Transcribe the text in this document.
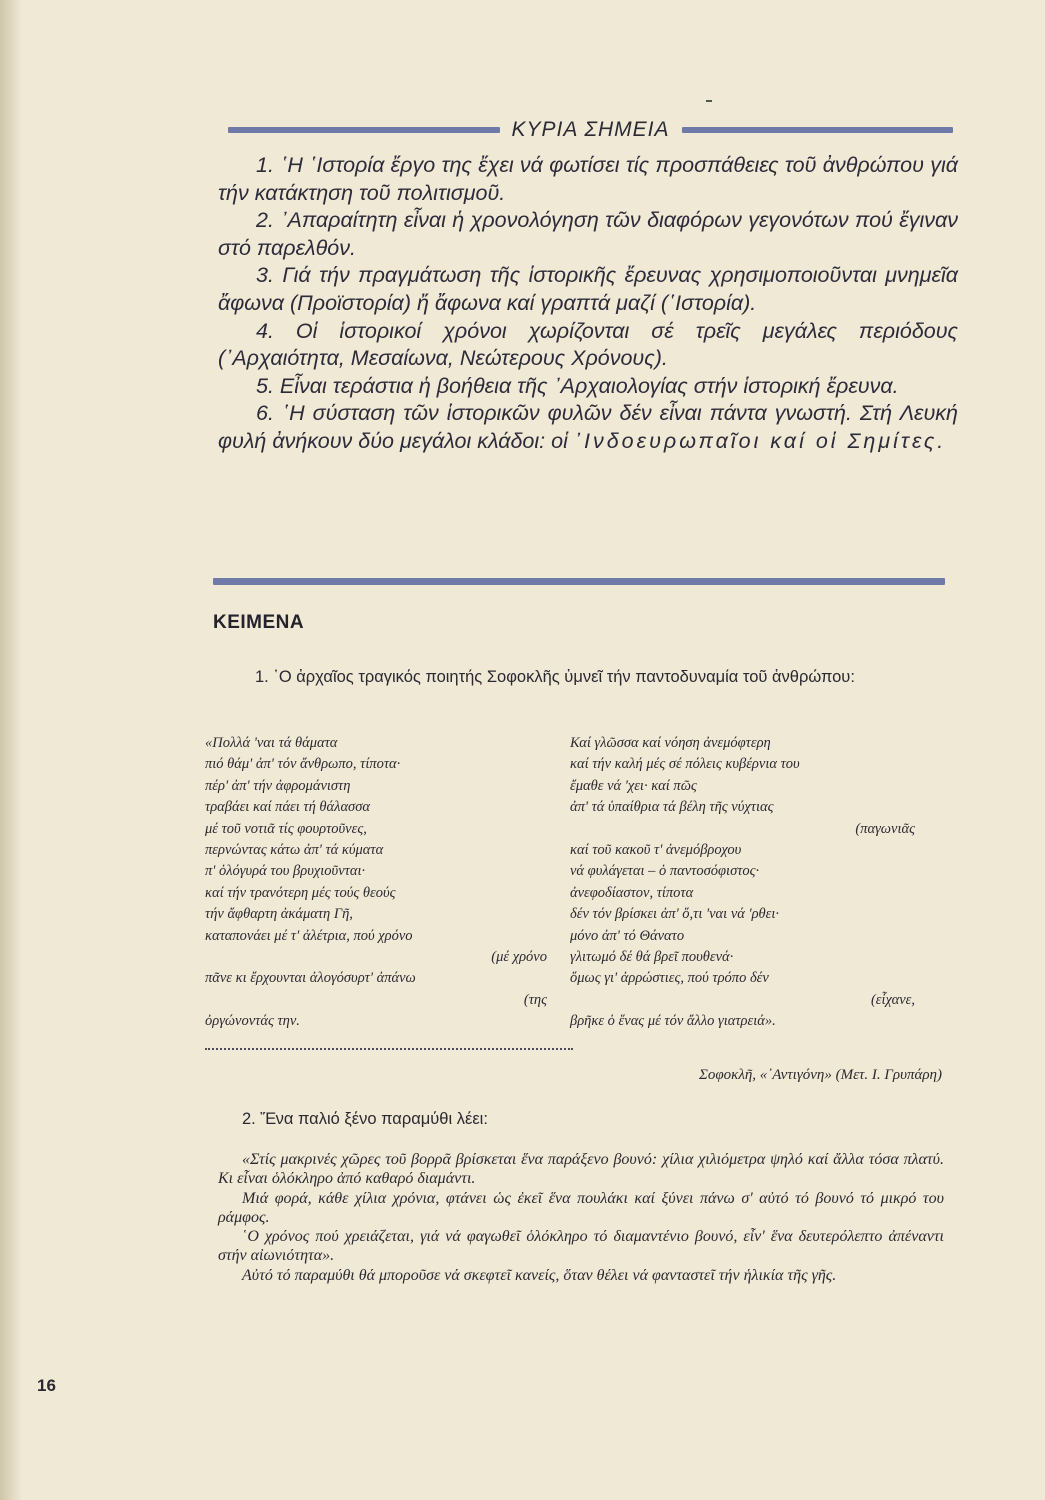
ΚΥΡΙΑ ΣΗΜΕΙΑ

1. ῾Η ῾Ιστορία ἔργο της ἔχει νά φωτίσει τίς προσπάθειες τοῦ ἀνθρώπου γιά τήν κατάκτηση τοῦ πολιτισμοῦ.

2. ᾿Απαραίτητη εἶναι ἡ χρονολόγηση τῶν διαφόρων γεγονότων πού ἔγιναν στό παρελθόν.

3. Γιά τήν πραγμάτωση τῆς ἱστορικῆς ἔρευνας χρησιμοποιοῦνται μνημεῖα ἄφωνα (Προϊστορία) ἤ ἄφωνα καί γραπτά μαζί (῾Ιστορία).

4. Οἱ ἱστορικοί χρόνοι χωρίζονται σέ τρεῖς μεγάλες περιόδους (᾿Αρχαιότητα, Μεσαίωνα, Νεώτερους Χρόνους).

5. Εἶναι τεράστια ἡ βοήθεια τῆς ᾿Αρχαιολογίας στήν ἱστορική ἔρευνα.

6. ῾Η σύσταση τῶν ἱστορικῶν φυλῶν δέν εἶναι πάντα γνωστή. Στή Λευκή φυλή ἀνήκουν δύο μεγάλοι κλάδοι: οἱ ᾿Ινδοευρωπαῖοι καί οἱ Σημίτες.

ΚΕΙΜΕΝΑ
1. ῾Ο ἀρχαῖος τραγικός ποιητής Σοφοκλῆς ὑμνεῖ τήν παντοδυναμία τοῦ ἀνθρώπου:
«Πολλά 'ναι τά θάματα
πιό θάμ' ἀπ' τόν ἄνθρωπο, τίποτα·
πέρ' ἀπ' τήν ἀφρομάνιστη
τραβάει καί πάει τή θάλασσα
μέ τοῦ νοτιᾶ τίς φουρτοῦνες,
περνώντας κάτω ἀπ' τά κύματα
π' ὁλόγυρά του βρυχιοῦνται·
καί τήν τρανότερη μές τούς θεούς
τήν ἄφθαρτη ἀκάματη Γῆ,
καταπονάει μέ τ' ἀλέτρια, πού χρόνο
(μέ χρόνο
πᾶνε κι ἔρχουνται ἀλογόσυρτ' ἀπάνω
(της
ὀργώνοντάς την.
Καί γλῶσσα καί νόηση ἀνεμόφτερη
καί τήν καλή μές σέ πόλεις κυβέρνια του
ἔμαθε νά 'χει· καί πῶς
ἀπ' τά ὑπαίθρια τά βέλη τῆς νύχτιας
(παγωνιᾶς
καί τοῦ κακοῦ τ' ἀνεμόβροχου
νά φυλάγεται – ὁ παντοσόφιστος·
ἀνεφοδίαστον, τίποτα
δέν τόν βρίσκει ἀπ' ὅ,τι 'ναι νά 'ρθει·
μόνο ἀπ' τό Θάνατο
γλιτωμό δέ θά βρεῖ πουθενά·
ὅμως γι' ἀρρώστιες, πού τρόπο δέν
(εἶχανε,
βρῆκε ὁ ἕνας μέ τόν ἄλλο γιατρειά».
Σοφοκλῆ, «᾿Αντιγόνη» (Μετ. Ι. Γρυπάρη)
2. Ἕνα παλιό ξένο παραμύθι λέει:

«Στίς μακρινές χῶρες τοῦ βορρᾶ βρίσκεται ἕνα παράξενο βουνό: χίλια χιλιόμετρα ψηλό καί ἄλλα τόσα πλατύ. Κι εἶναι ὁλόκληρο ἀπό καθαρό διαμάντι.

Μιά φορά, κάθε χίλια χρόνια, φτάνει ὡς ἐκεῖ ἕνα πουλάκι καί ξύνει πάνω σ' αὐτό τό βουνό τό μικρό του ράμφος.

῾Ο χρόνος πού χρειάζεται, γιά νά φαγωθεῖ ὁλόκληρο τό διαμαντένιο βουνό, εἶν' ἕνα δευτερόλεπτο ἀπέναντι στήν αἰωνιότητα».

Αὐτό τό παραμύθι θά μποροῦσε νά σκεφτεῖ κανείς, ὅταν θέλει νά φανταστεῖ τήν ἡλικία τῆς γῆς.

16
